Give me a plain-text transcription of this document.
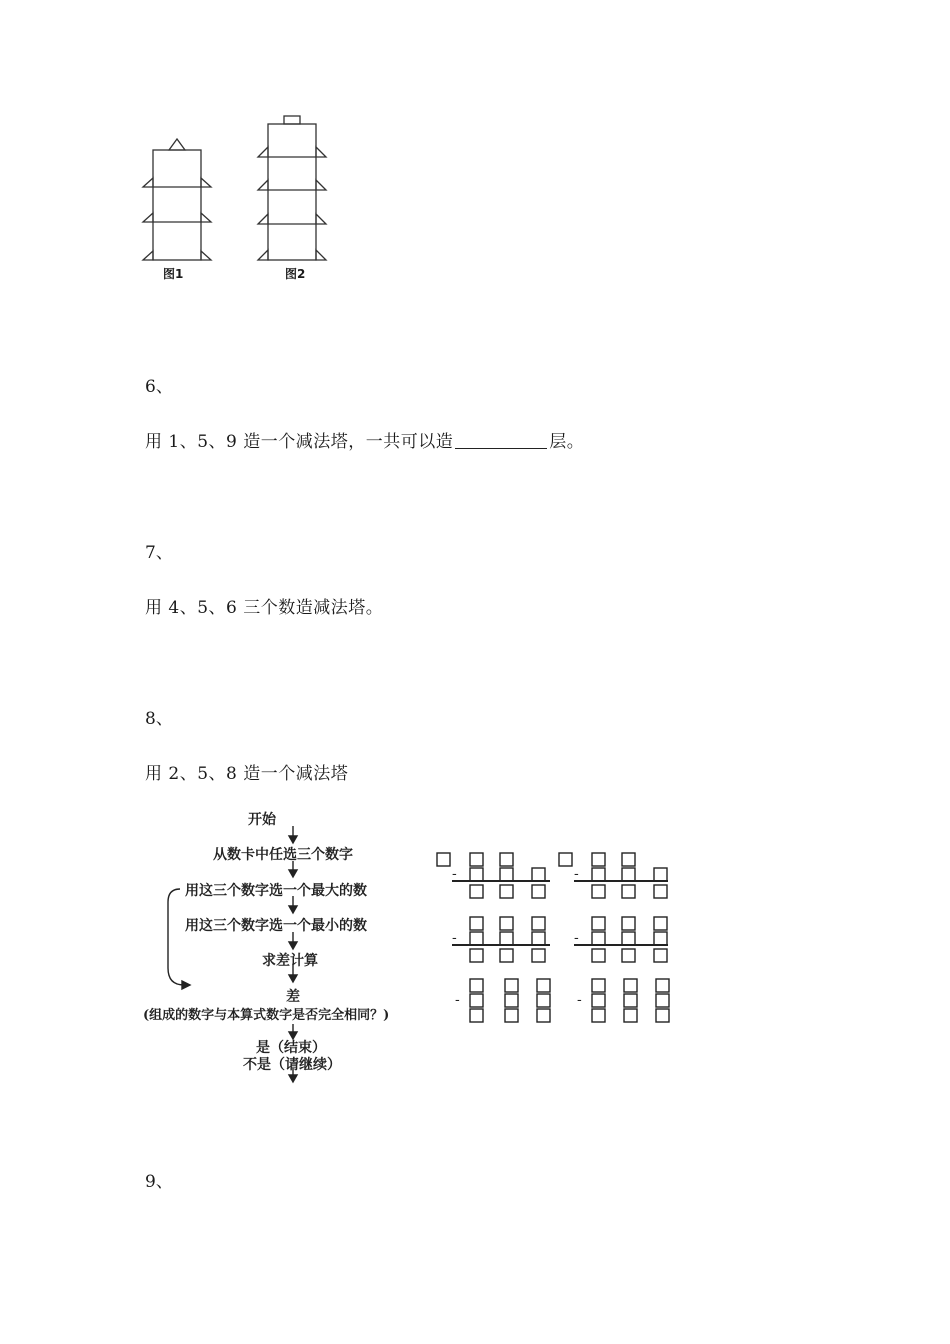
图1	图2
6、
用 1、5、9 造一个减法塔，一共可以造	层。
7、
用 4、5、6 三个数造减法塔。
8、
用 2、5、8 造一个减法塔
开始
从数卡中任选三个数字
用这三个数字选一个最大的数
用这三个数字选一个最小的数
求差计算
差
(组成的数字与本算式数字是否完全相同？)
是（结束）
不是（请继续）
-	-
-	-
-	-
9、
